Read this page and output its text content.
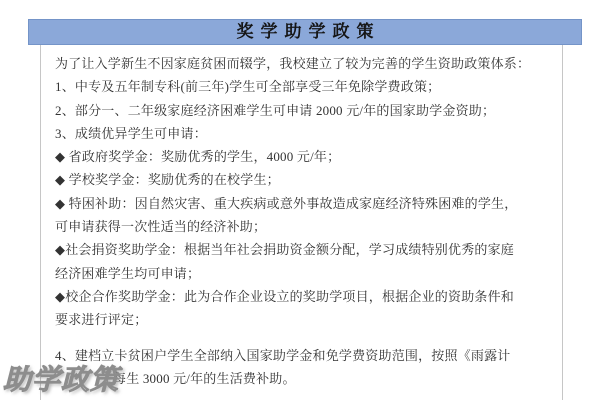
奖学助学政策

为了让入学新生不因家庭贫困而辍学，我校建立了较为完善的学生资助政策体系：

1、中专及五年制专科(前三年)学生可全部享受三年免除学费政策；

2、部分一、二年级家庭经济困难学生可申请 2000 元/年的国家助学金资助；

3、成绩优异学生可申请：

◆ 省政府奖学金：奖励优秀的学生，4000 元/年；

◆ 学校奖学金：奖励优秀的在校学生；

◆ 特困补助：因自然灾害、重大疾病或意外事故造成家庭经济特殊困难的学生，

可申请获得一次性适当的经济补助；

◆社会捐资奖助学金：根据当年社会捐助资金额分配，学习成绩特别优秀的家庭

经济困难学生均可申请；

◆校企合作奖助学金：此为合作企业设立的奖助学项目，根据企业的资助条件和

要求进行评定；

4、建档立卡贫困户学生全部纳入国家助学金和免学费资助范围，按照《雨露计

每生 3000 元/年的生活费补助。

助学政策
